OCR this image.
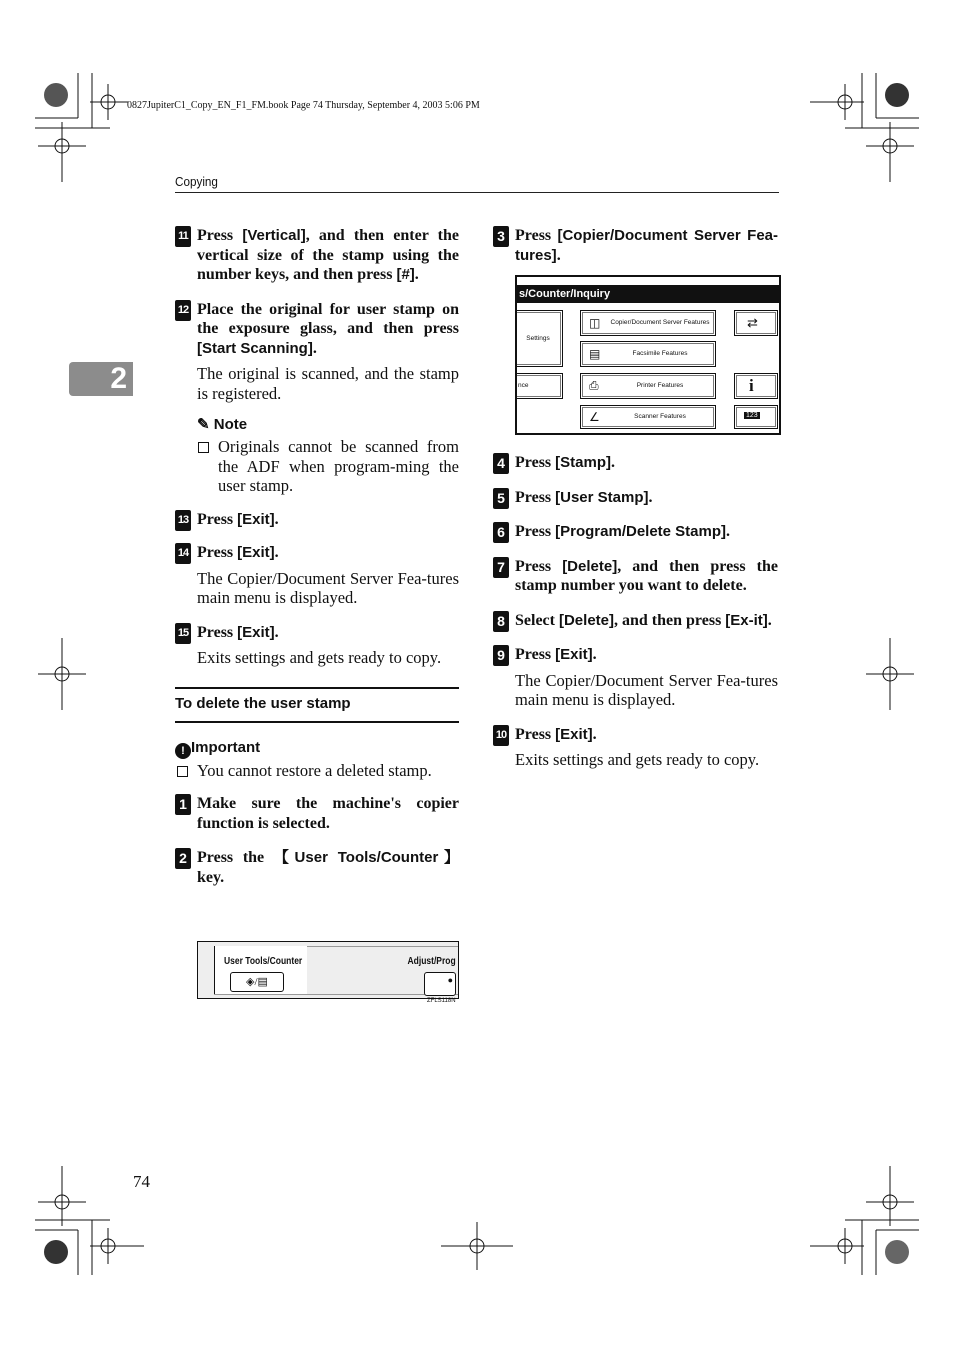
0827JupiterC1_Copy_EN_F1_FM.book Page 74 Thursday, September 4, 2003 5:06 PM
Copying
2
11 Press [Vertical], and then enter the vertical size of the stamp using the number keys, and then press [#].
12 Place the original for user stamp on the exposure glass, and then press [Start Scanning].
The original is scanned, and the stamp is registered.
✎ Note
Originals cannot be scanned from the ADF when program-ming the user stamp.
13 Press [Exit].
14 Press [Exit].
The Copier/Document Server Fea-tures main menu is displayed.
15 Press [Exit].
Exits settings and gets ready to copy.
To delete the user stamp
! Important
You cannot restore a deleted stamp.
1 Make sure the machine's copier function is selected.
2 Press the 【User Tools/Counter】 key.
User Tools/Counter	Adjust/Prog
◈/▤	●
ZFLS118N
3 Press [Copier/Document Server Fea-tures].
s/Counter/Inquiry
Settings
nce
◫ Copier/Document Server Features
▤	Facsimile Features
⎙	Printer Features
∠	Scanner Features
⇄
i
123
4 Press [Stamp].
5 Press [User Stamp].
6 Press [Program/Delete Stamp].
7 Press [Delete], and then press the stamp number you want to delete.
8 Select [Delete], and then press [Ex-it].
9 Press [Exit].
The Copier/Document Server Fea-tures main menu is displayed.
10 Press [Exit].
Exits settings and gets ready to copy.
74
